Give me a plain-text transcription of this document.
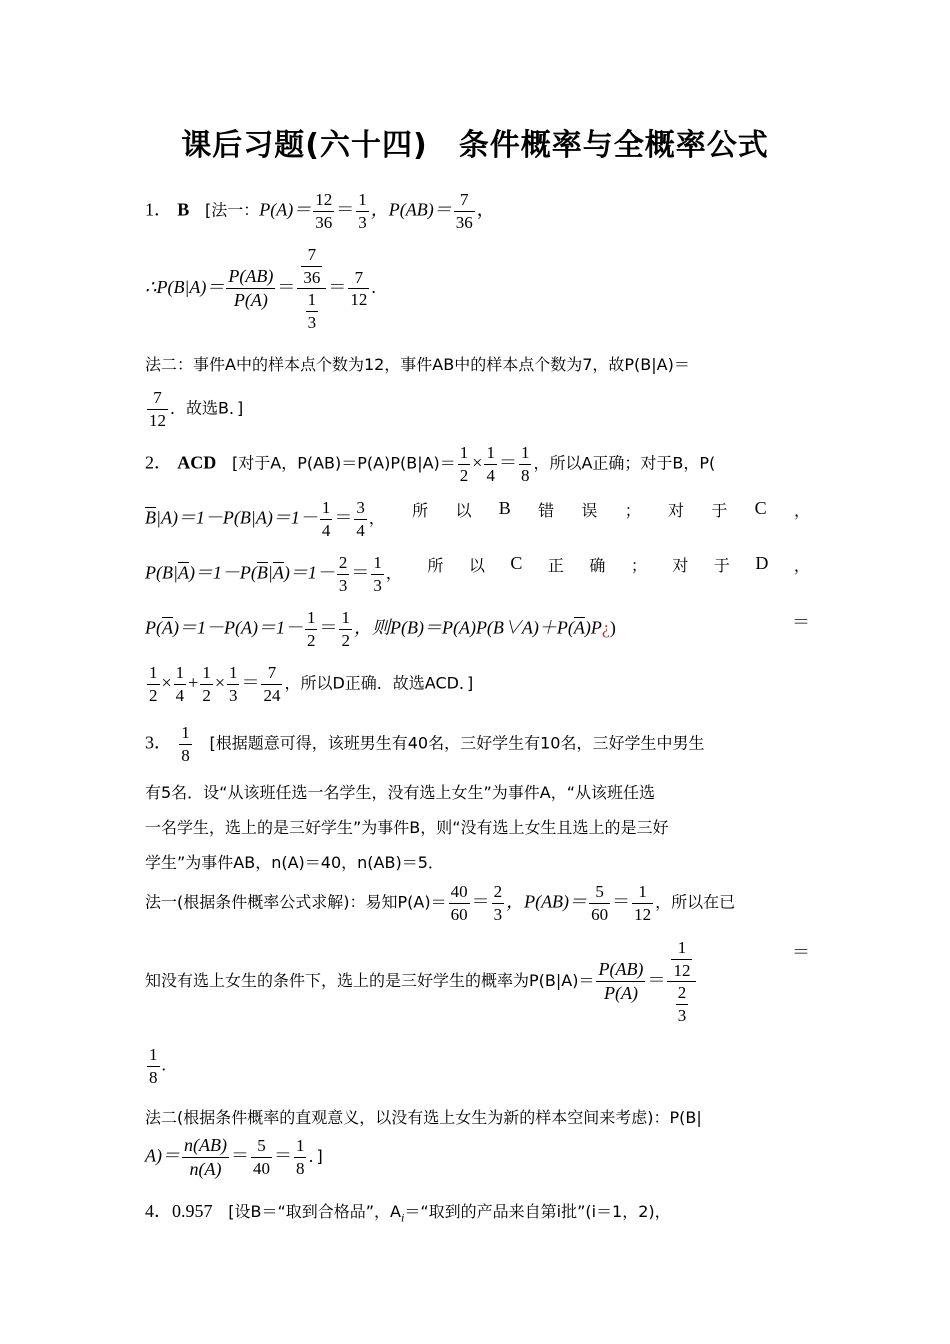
课后习题(六十四)　条件概率与全概率公式
1． B [法一：$P(A)= \frac{12}{36} = \frac{1}{3}$ ，$P(AB)= \frac{7}{36}$ ，
∴P(B|A)＝ $\frac{P(AB)}{P(A)} = \frac{\frac{7}{36}}{\frac{1}{3}} = \frac{7}{12}$ .
法二：事件A中的样本点个数为12，事件AB中的样本点个数为7，故P(B|A)＝
$\frac{7}{12}$ ．故选B．]
2． ACD [对于A，$P(AB)=P(A)P(B|A)= \frac{1}{2} \times \frac{1}{4} = \frac{1}{8}$ ，所以A正确；对于B，P(
$\overline{B}|A)=1-P(B|A)=1- \frac{1}{4} = \frac{3}{4}$ ， 所 以 B 错 误 ； 对 于 C ，
$P(B|\overline{A})=1-P(\overline{B}|\overline{A})=1- \frac{2}{3} = \frac{1}{3}$ ， 所 以 C 正 确 ； 对 于 D ，
$P(\overline{A})=1-P(A)=1- \frac{1}{2} = \frac{1}{2}$ ，则$P(B)=P(A)P(B\vee A)+P(\overline{A})P¿$)	＝
$\frac{1}{2} \times \frac{1}{4} + \frac{1}{2} \times \frac{1}{3} = \frac{7}{24}$ ，所以D正确．故选ACD．]
3． $\frac{1}{8}$ [根据题意可得，该班男生有40名，三好学生有10名，三好学生中男生
有5名．设“从该班任选一名学生，没有选上女生”为事件A，“从该班任选
一名学生，选上的是三好学生”为事件B，则“没有选上女生且选上的是三好
学生”为事件AB，n(A)＝40，n(AB)＝5．
法一(根据条件概率公式求解)：易知$P(A)= \frac{40}{60} = \frac{2}{3}$ ，$P(AB)= \frac{5}{60} = \frac{1}{12}$ ，所以在已
知没有选上女生的条件下，选上的是三好学生的概率为$P(B|A)= \frac{P(AB)}{P(A)} = \frac{\frac{1}{12}}{\frac{2}{3}}$	＝
$\frac{1}{8}$ .
法二(根据条件概率的直观意义，以没有选上女生为新的样本空间来考虑)：P(B|
$A)= \frac{n(AB)}{n(A)} = \frac{5}{40} = \frac{1}{8}$ ．]
4．0.957 [设B＝“取到合格品”，$A_i=“$取到的产品来自第i批”(i＝1，2)，
